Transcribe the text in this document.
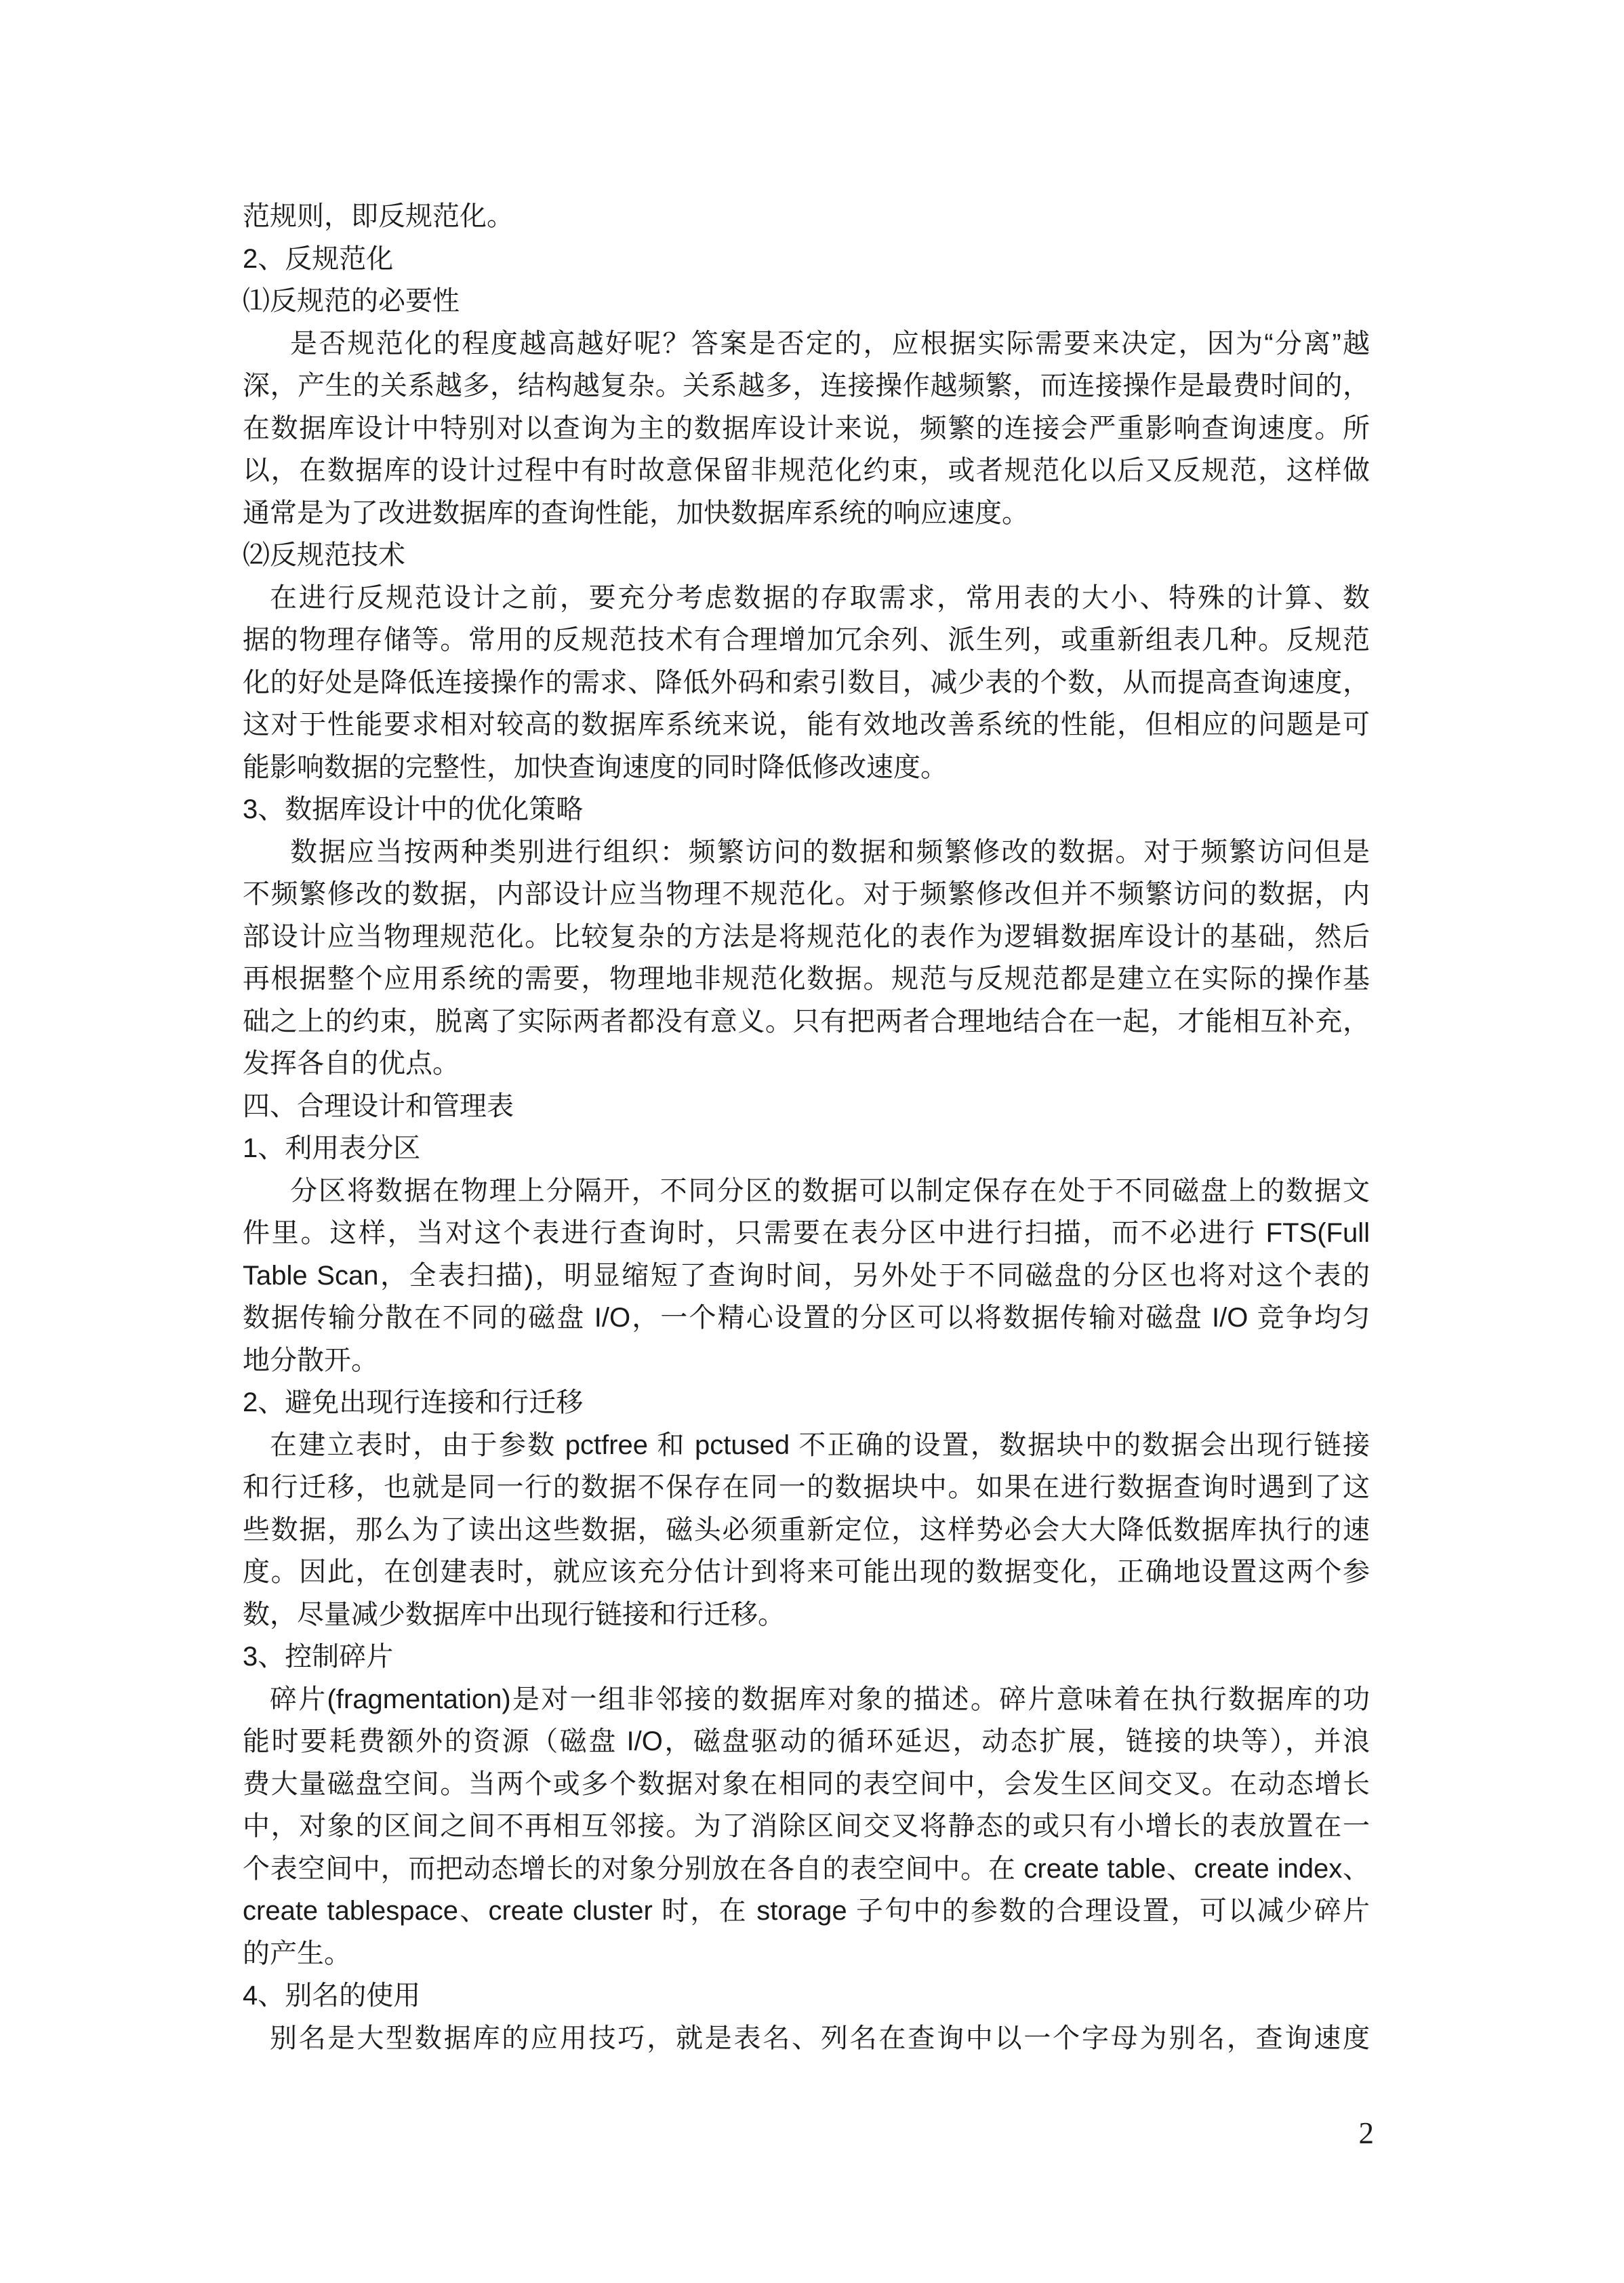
范规则，即反规范化。
2、反规范化
⑴反规范的必要性
是否规范化的程度越高越好呢？答案是否定的，应根据实际需要来决定，因为“分离”越
深，产生的关系越多，结构越复杂。关系越多，连接操作越频繁，而连接操作是最费时间的，
在数据库设计中特别对以查询为主的数据库设计来说，频繁的连接会严重影响查询速度。所
以，在数据库的设计过程中有时故意保留非规范化约束，或者规范化以后又反规范，这样做
通常是为了改进数据库的查询性能，加快数据库系统的响应速度。
⑵反规范技术
在进行反规范设计之前，要充分考虑数据的存取需求，常用表的大小、特殊的计算、数
据的物理存储等。常用的反规范技术有合理增加冗余列、派生列，或重新组表几种。反规范
化的好处是降低连接操作的需求、降低外码和索引数目，减少表的个数，从而提高查询速度，
这对于性能要求相对较高的数据库系统来说，能有效地改善系统的性能，但相应的问题是可
能影响数据的完整性，加快查询速度的同时降低修改速度。
3、数据库设计中的优化策略
数据应当按两种类别进行组织：频繁访问的数据和频繁修改的数据。对于频繁访问但是
不频繁修改的数据，内部设计应当物理不规范化。对于频繁修改但并不频繁访问的数据，内
部设计应当物理规范化。比较复杂的方法是将规范化的表作为逻辑数据库设计的基础，然后
再根据整个应用系统的需要，物理地非规范化数据。规范与反规范都是建立在实际的操作基
础之上的约束，脱离了实际两者都没有意义。只有把两者合理地结合在一起，才能相互补充，
发挥各自的优点。
四、合理设计和管理表
1、利用表分区
分区将数据在物理上分隔开，不同分区的数据可以制定保存在处于不同磁盘上的数据文
件里。这样，当对这个表进行查询时，只需要在表分区中进行扫描，而不必进行 FTS(Full
Table Scan，全表扫描)，明显缩短了查询时间，另外处于不同磁盘的分区也将对这个表的
数据传输分散在不同的磁盘 I/O，一个精心设置的分区可以将数据传输对磁盘 I/O 竞争均匀
地分散开。
2、避免出现行连接和行迁移
在建立表时，由于参数 pctfree 和 pctused 不正确的设置，数据块中的数据会出现行链接
和行迁移，也就是同一行的数据不保存在同一的数据块中。如果在进行数据查询时遇到了这
些数据，那么为了读出这些数据，磁头必须重新定位，这样势必会大大降低数据库执行的速
度。因此，在创建表时，就应该充分估计到将来可能出现的数据变化，正确地设置这两个参
数，尽量减少数据库中出现行链接和行迁移。
3、控制碎片
碎片(fragmentation)是对一组非邻接的数据库对象的描述。碎片意味着在执行数据库的功
能时要耗费额外的资源（磁盘 I/O，磁盘驱动的循环延迟，动态扩展，链接的块等），并浪
费大量磁盘空间。当两个或多个数据对象在相同的表空间中，会发生区间交叉。在动态增长
中，对象的区间之间不再相互邻接。为了消除区间交叉将静态的或只有小增长的表放置在一
个表空间中，而把动态增长的对象分别放在各自的表空间中。在 create table、create index、
create tablespace、create cluster 时，在 storage 子句中的参数的合理设置，可以减少碎片
的产生。
4、别名的使用
别名是大型数据库的应用技巧，就是表名、列名在查询中以一个字母为别名，查询速度
2
